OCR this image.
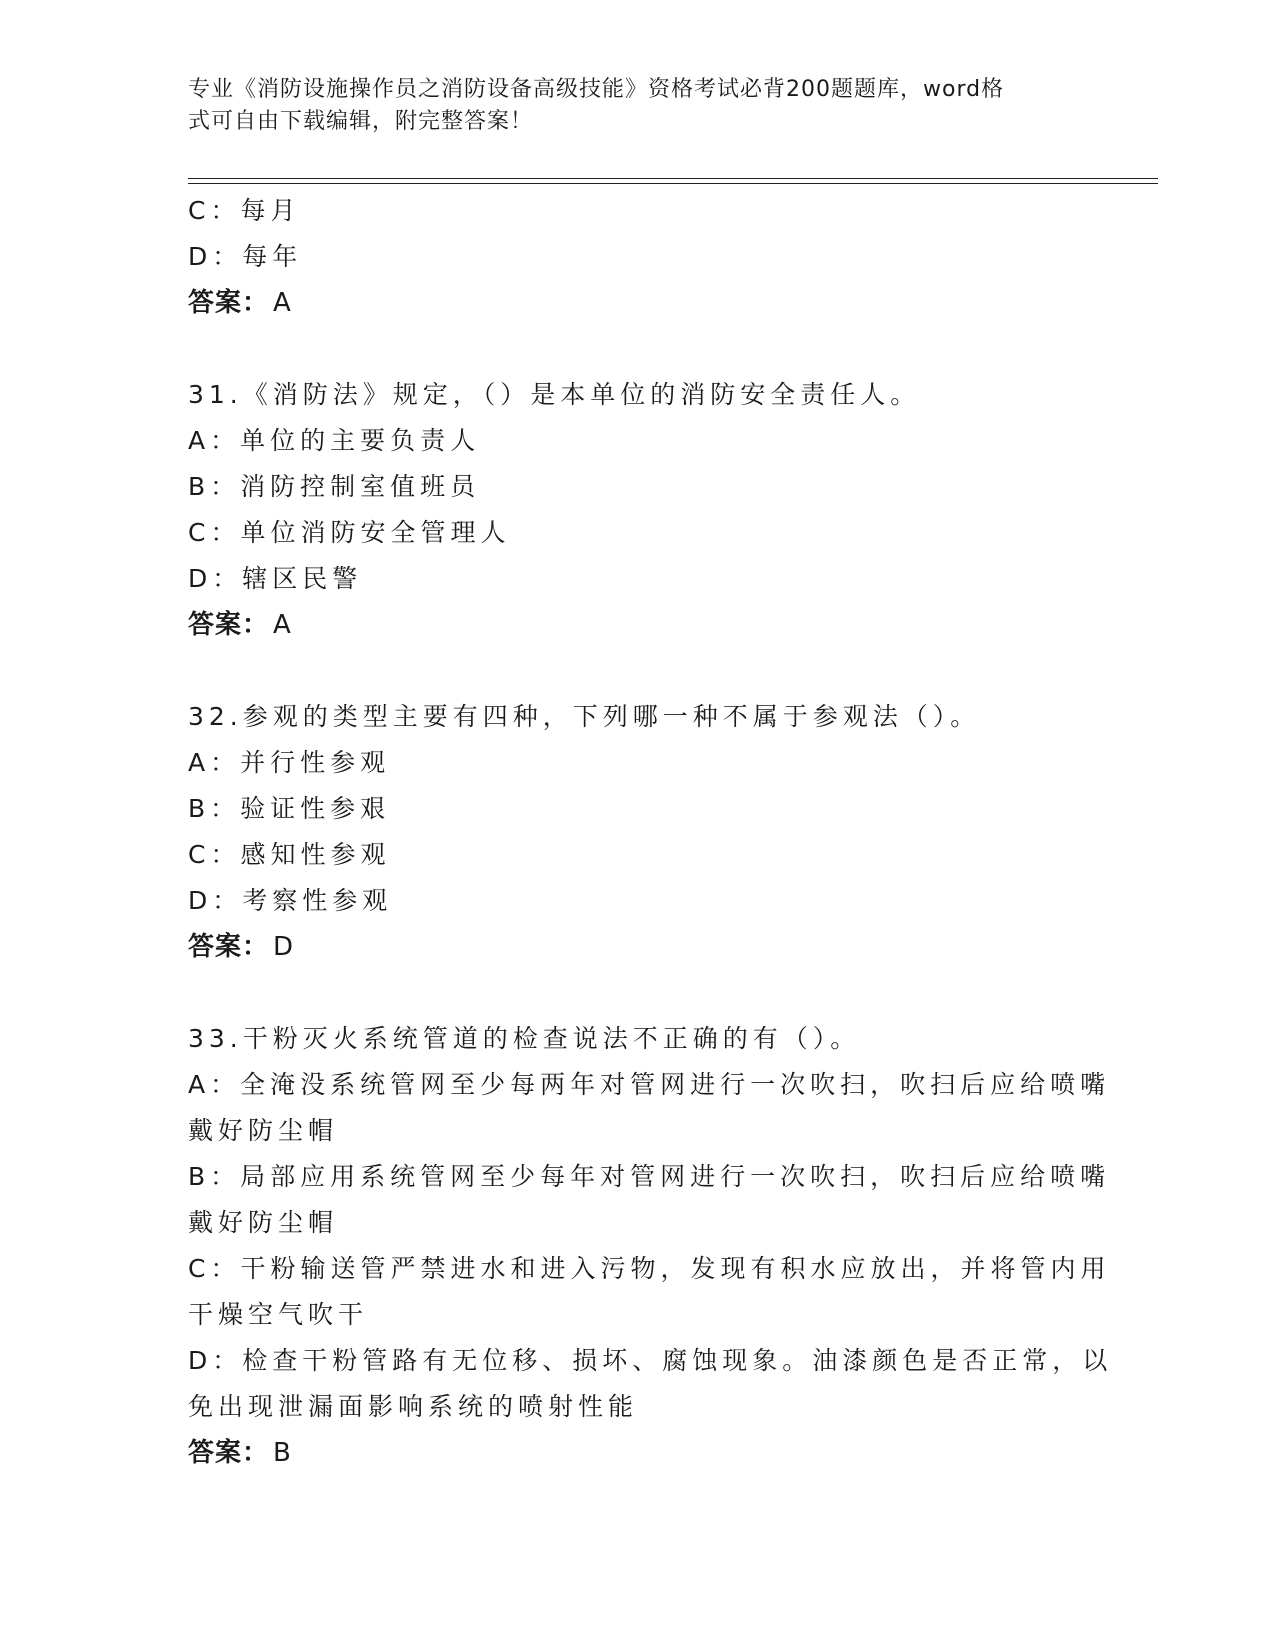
专业《消防设施操作员之消防设备高级技能》资格考试必背200题题库，word格
式可自由下载编辑，附完整答案！
C：每月
D：每年
答案： A
31.《消防法》规定，（）是本单位的消防安全责任人。
A：单位的主要负责人
B：消防控制室值班员
C：单位消防安全管理人
D：辖区民警
答案： A
32.参观的类型主要有四种，下列哪一种不属于参观法（）。
A：并行性参观
B：验证性参艰
C：感知性参观
D：考察性参观
答案： D
33.干粉灭火系统管道的检查说法不正确的有（）。
A：全淹没系统管网至少每两年对管网进行一次吹扫，吹扫后应给喷嘴
戴好防尘帽
B：局部应用系统管网至少每年对管网进行一次吹扫，吹扫后应给喷嘴
戴好防尘帽
C：干粉输送管严禁进水和进入污物，发现有积水应放出，并将管内用
干燥空气吹干
D：检查干粉管路有无位移、损坏、腐蚀现象。油漆颜色是否正常，以
免出现泄漏面影响系统的喷射性能
答案： B
